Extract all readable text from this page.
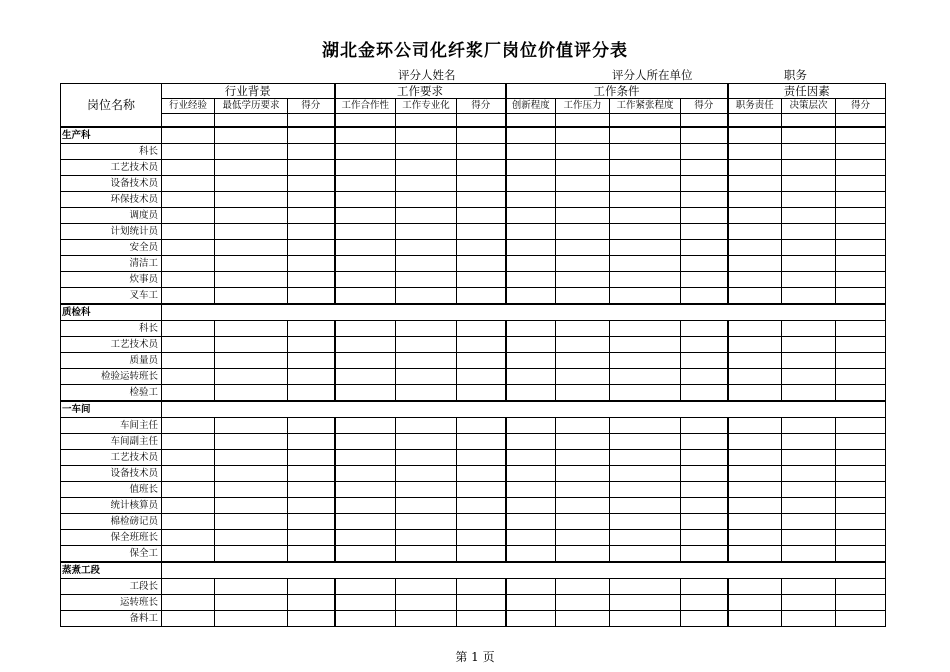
湖北金环公司化纤浆厂岗位价值评分表
评分人姓名	评分人所在单位	职务
岗位名称	行业背景			工作要求			工作条件				责任因素		
	行业经验	最低学历要求	得分	工作合作性	工作专业化	得分	创新程度	工作压力	工作紧张程度	得分	职务责任	决策层次	得分

生产科													
科长													
工艺技术员													
设备技术员													
环保技术员													
调度员													
计划统计员													
安全员													
清洁工													
炊事员													
叉车工													
质检科													
科长													
工艺技术员													
质量员													
检验运转班长													
检验工													
一车间													
车间主任													
车间副主任													
工艺技术员													
设备技术员													
值班长													
统计核算员													
棉检磅记员													
保全班班长													
保全工													
蒸煮工段													
工段长													
运转班长													
备料工													
第 1 页
